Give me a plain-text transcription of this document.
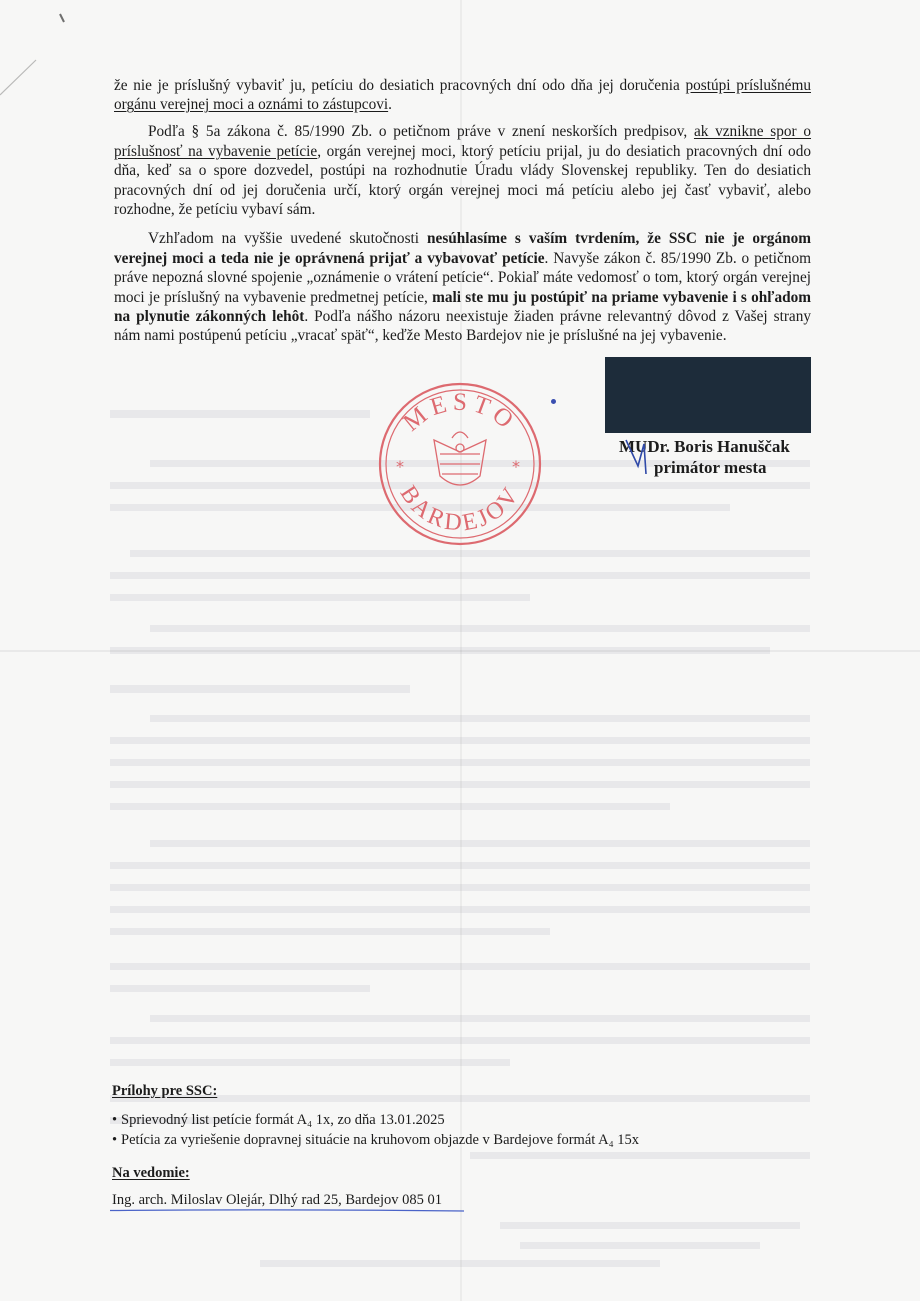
že nie je príslušný vybaviť ju, petíciu do desiatich pracovných dní odo dňa jej doručenia postúpi príslušnému orgánu verejnej moci a oznámi to zástupcovi.

Podľa § 5a zákona č. 85/1990 Zb. o petičnom práve v znení neskorších predpisov, ak vznikne spor o príslušnosť na vybavenie petície, orgán verejnej moci, ktorý petíciu prijal, ju do desiatich pracovných dní odo dňa, keď sa o spore dozvedel, postúpi na rozhodnutie Úradu vlády Slovenskej republiky. Ten do desiatich pracovných dní od jej doručenia určí, ktorý orgán verejnej moci má petíciu alebo jej časť vybaviť, alebo rozhodne, že petíciu vybaví sám.

Vzhľadom na vyššie uvedené skutočnosti nesúhlasíme s vaším tvrdením, že SSC nie je orgánom verejnej moci a teda nie je oprávnená prijať a vybavovať petície. Navyše zákon č. 85/1990 Zb. o petičnom práve nepozná slovné spojenie „oznámenie o vrátení petície“. Pokiaľ máte vedomosť o tom, ktorý orgán verejnej moci je príslušný na vybavenie predmetnej petície, mali ste mu ju postúpiť na priame vybavenie i s ohľadom na plynutie zákonných lehôt. Podľa nášho názoru neexistuje žiaden právne relevantný dôvod z Vašej strany nám nami postúpenú petíciu „vracať späť“, keďže Mesto Bardejov nie je príslušné na jej vybavenie.

MESTO
BARDEJOV
*	*
MUDr. Boris Hanuščak
primátor mesta
Prílohy pre SSC:
• Sprievodný list petície formát A₄ 1x, zo dňa 13.01.2025
• Petícia za vyriešenie dopravnej situácie na kruhovom objazde v Bardejove formát A₄ 15x
Na vedomie:
Ing. arch. Miloslav Olejár, Dlhý rad 25, Bardejov 085 01
